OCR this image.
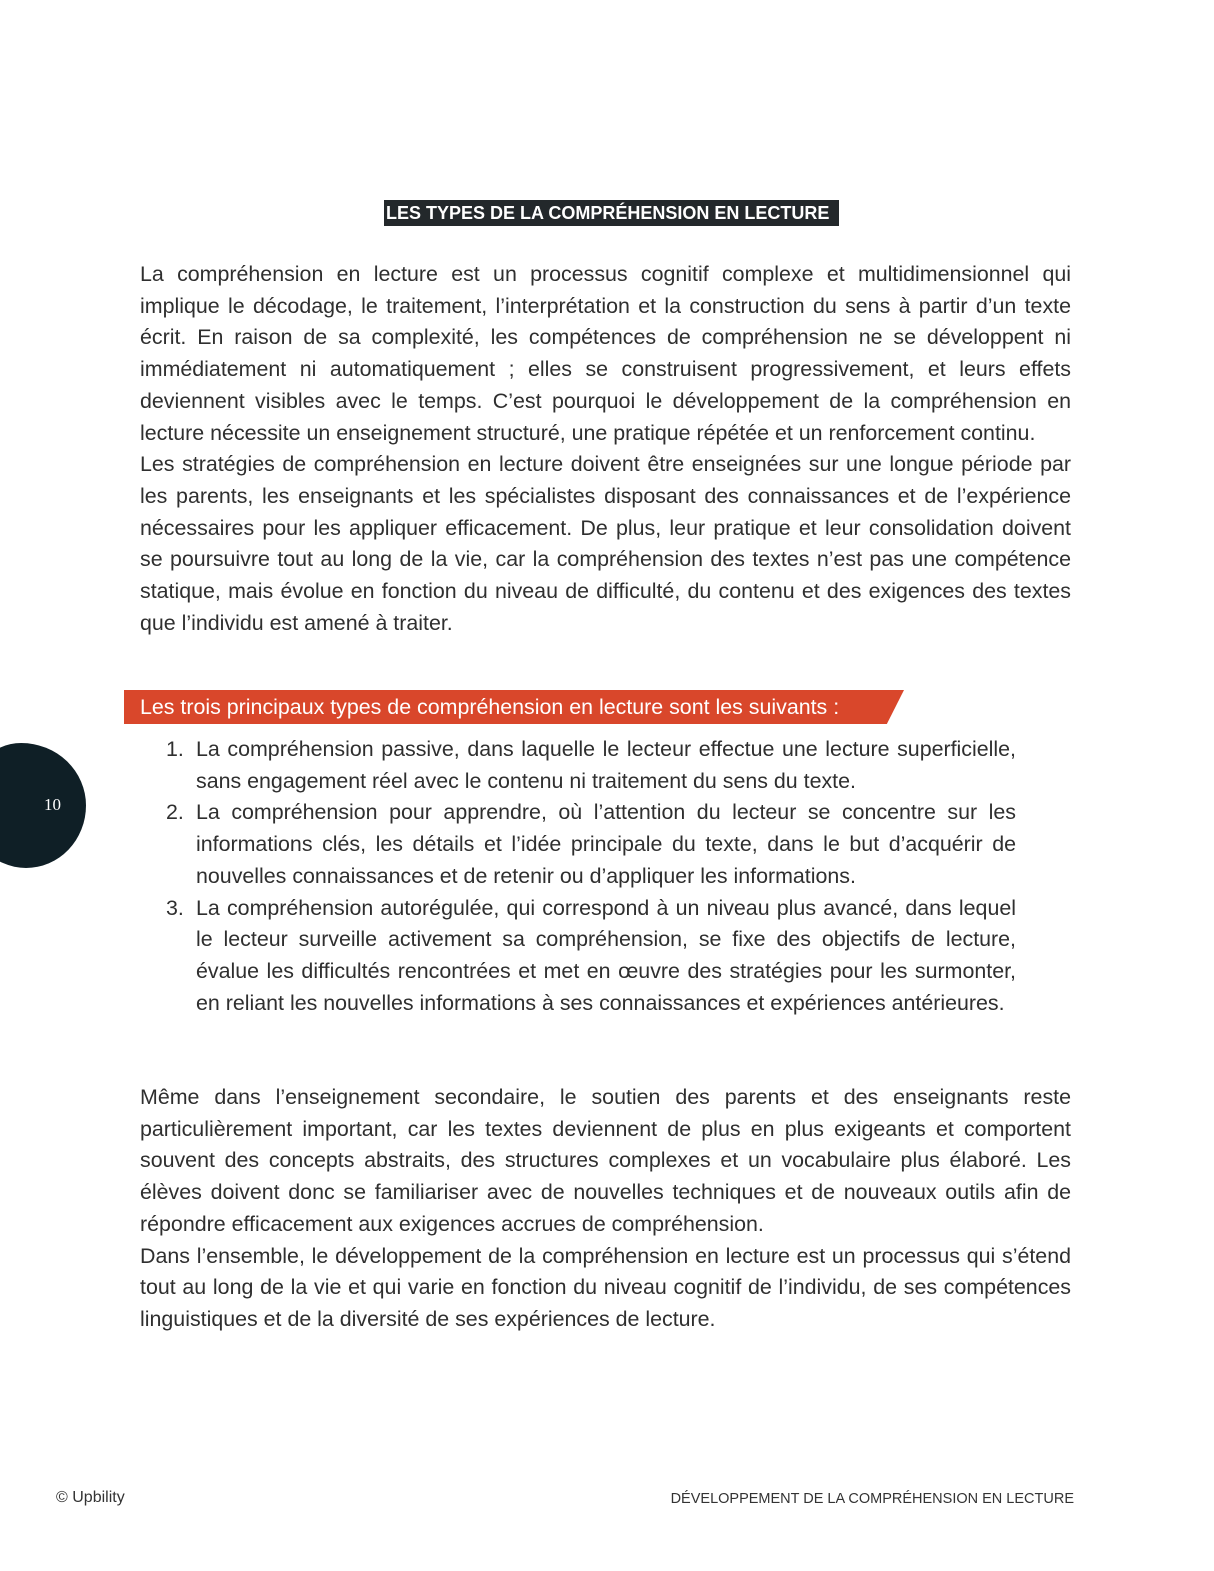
LES TYPES DE LA COMPRÉHENSION EN LECTURE

La compréhension en lecture est un processus cognitif complexe et multidimensionnel qui implique le décodage, le traitement, l’interprétation et la construction du sens à partir d’un texte écrit. En raison de sa complexité, les compétences de compréhension ne se développent ni immédiatement ni automatiquement ; elles se construisent progressivement, et leurs effets deviennent visibles avec le temps. C’est pourquoi le développement de la compréhension en lecture nécessite un enseignement structuré, une pratique répétée et un renforcement continu.

Les stratégies de compréhension en lecture doivent être enseignées sur une longue période par les parents, les enseignants et les spécialistes disposant des connaissances et de l’expérience nécessaires pour les appliquer efficacement. De plus, leur pratique et leur consolidation doivent se poursuivre tout au long de la vie, car la compréhension des textes n’est pas une compétence statique, mais évolue en fonction du niveau de difficulté, du contenu et des exigences des textes que l’individu est amené à traiter.

Les trois principaux types de compréhension en lecture sont les suivants :
1. La compréhension passive, dans laquelle le lecteur effectue une lecture superficielle, sans engagement réel avec le contenu ni traitement du sens du texte.
2. La compréhension pour apprendre, où l’attention du lecteur se concentre sur les informations clés, les détails et l’idée principale du texte, dans le but d’acquérir de nouvelles connaissances et de retenir ou d’appliquer les informations.
3. La compréhension autorégulée, qui correspond à un niveau plus avancé, dans lequel le lecteur surveille activement sa compréhension, se fixe des objectifs de lecture, évalue les difficultés rencontrées et met en œuvre des stratégies pour les surmonter, en reliant les nouvelles informations à ses connaissances et expériences antérieures.

Même dans l’enseignement secondaire, le soutien des parents et des enseignants reste particulièrement important, car les textes deviennent de plus en plus exigeants et comportent souvent des concepts abstraits, des structures complexes et un vocabulaire plus élaboré. Les élèves doivent donc se familiariser avec de nouvelles techniques et de nouveaux outils afin de répondre efficacement aux exigences accrues de compréhension.

Dans l’ensemble, le développement de la compréhension en lecture est un processus qui s’étend tout au long de la vie et qui varie en fonction du niveau cognitif de l’individu, de ses compétences linguistiques et de la diversité de ses expériences de lecture.

10
© Upbility	DÉVELOPPEMENT DE LA COMPRÉHENSION EN LECTURE
